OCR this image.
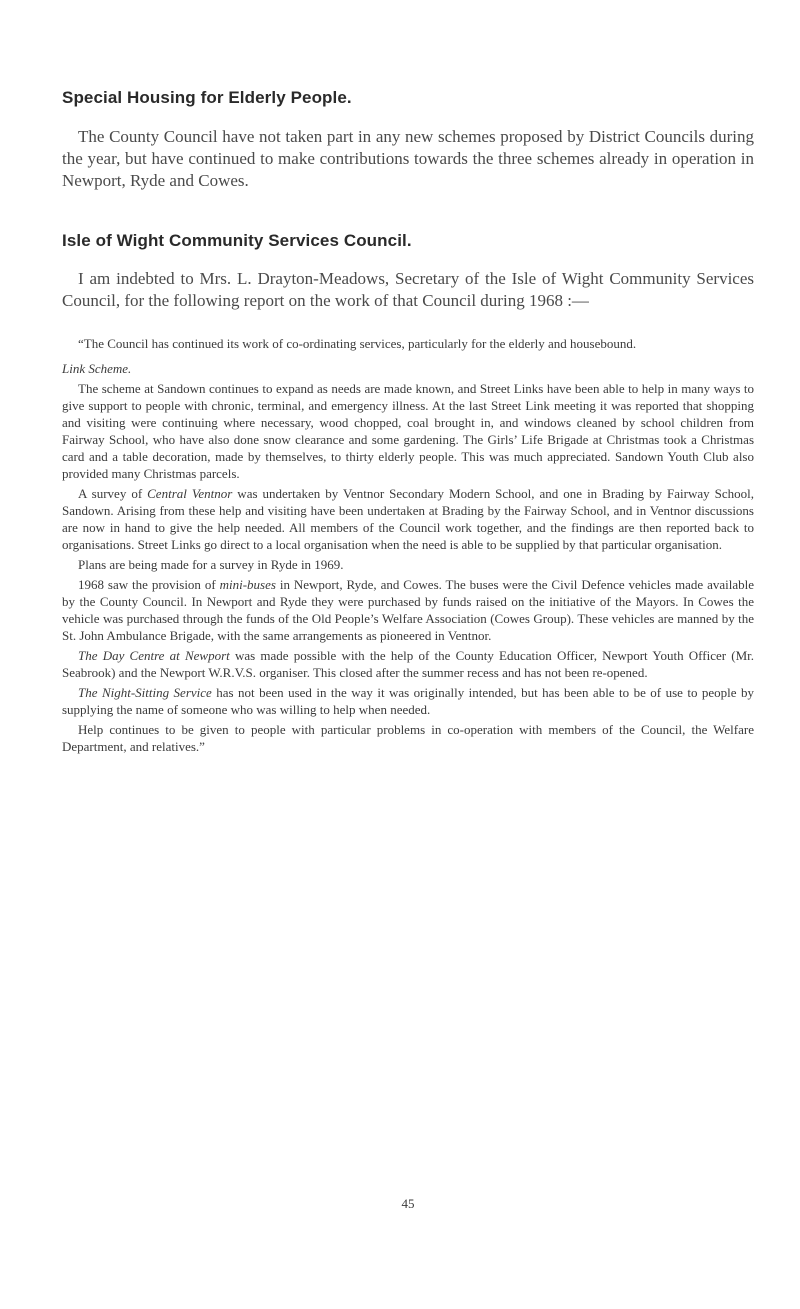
Special Housing for Elderly People.

The County Council have not taken part in any new schemes proposed by District Councils during the year, but have continued to make contributions towards the three schemes already in operation in Newport, Ryde and Cowes.

Isle of Wight Community Services Council.

I am indebted to Mrs. L. Drayton-Meadows, Secretary of the Isle of Wight Community Services Council, for the following report on the work of that Council during 1968 :—

“The Council has continued its work of co-ordinating services, particularly for the elderly and housebound.

Link Scheme.

The scheme at Sandown continues to expand as needs are made known, and Street Links have been able to help in many ways to give support to people with chronic, terminal, and emergency illness. At the last Street Link meeting it was reported that shopping and visiting were continuing where necessary, wood chopped, coal brought in, and windows cleaned by school children from Fairway School, who have also done snow clearance and some gardening. The Girls’ Life Brigade at Christmas took a Christmas card and a table decoration, made by themselves, to thirty elderly people. This was much appreciated. Sandown Youth Club also provided many Christmas parcels.

A survey of Central Ventnor was undertaken by Ventnor Secondary Modern School, and one in Brading by Fairway School, Sandown. Arising from these help and visiting have been undertaken at Brading by the Fairway School, and in Ventnor discussions are now in hand to give the help needed. All members of the Council work together, and the findings are then reported back to organisations. Street Links go direct to a local organisation when the need is able to be supplied by that particular organisation.

Plans are being made for a survey in Ryde in 1969.

1968 saw the provision of mini-buses in Newport, Ryde, and Cowes. The buses were the Civil Defence vehicles made available by the County Council. In Newport and Ryde they were purchased by funds raised on the initiative of the Mayors. In Cowes the vehicle was purchased through the funds of the Old People’s Welfare Association (Cowes Group). These vehicles are manned by the St. John Ambulance Brigade, with the same arrangements as pioneered in Ventnor.

The Day Centre at Newport was made possible with the help of the County Education Officer, Newport Youth Officer (Mr. Seabrook) and the Newport W.R.V.S. organiser. This closed after the summer recess and has not been re-opened.

The Night-Sitting Service has not been used in the way it was originally intended, but has been able to be of use to people by supplying the name of someone who was willing to help when needed.

Help continues to be given to people with particular problems in co-operation with members of the Council, the Welfare Department, and relatives.”

45
